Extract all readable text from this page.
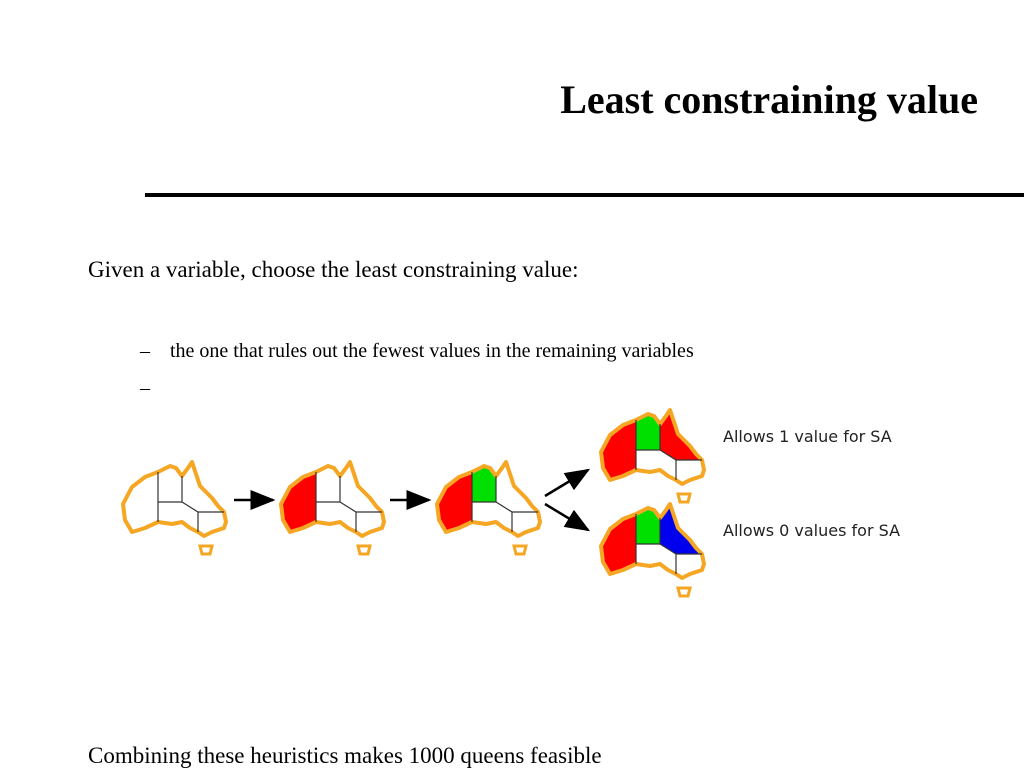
Least constraining value
Given a variable, choose the least constraining value:
– the one that rules out the fewest values in the remaining variables
–
Allows 1 value for SA
Allows 0 values for SA
Combining these heuristics makes 1000 queens feasible
